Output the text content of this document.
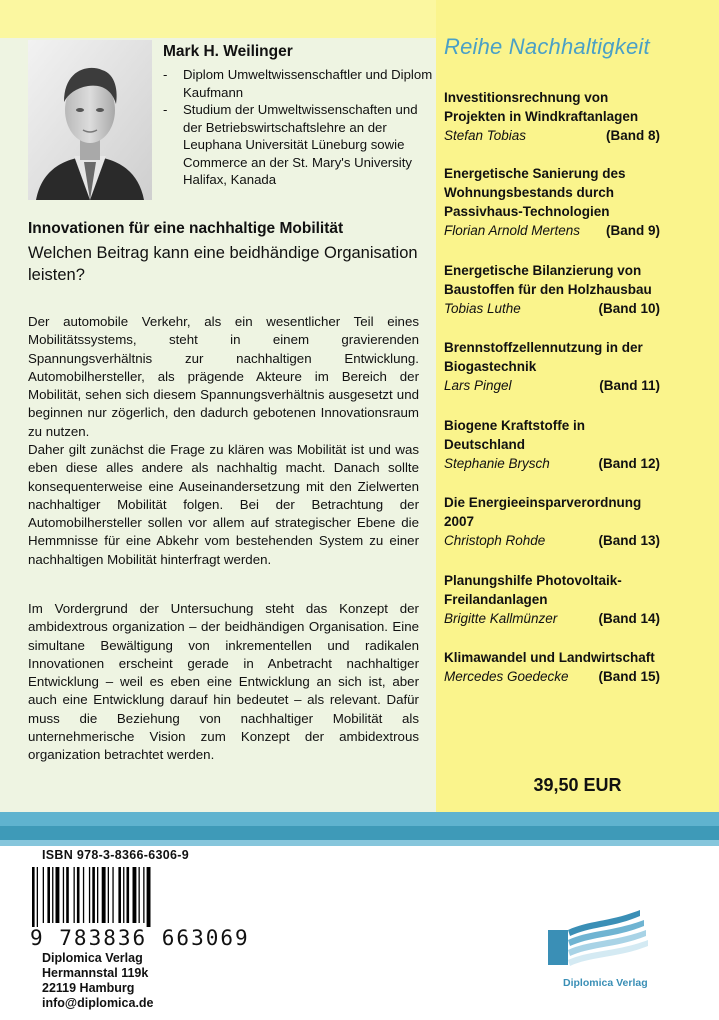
Reihe Nachhaltigkeit
Investitionsrechnung von Projekten in Windkraftanlagen
Stefan Tobias	(Band 8)
Energetische Sanierung des Wohnungsbestands durch Passivhaus-Technologien
Florian Arnold Mertens (Band 9)
Energetische Bilanzierung von Baustoffen für den Holzhausbau
Tobias Luthe	(Band 10)
Brennstoffzellennutzung in der Biogastechnik
Lars Pingel	(Band 11)
Biogene Kraftstoffe in Deutschland
Stephanie Brysch	(Band 12)
Die Energieeinsparverordnung 2007
Christoph Rohde	(Band 13)
Planungshilfe Photovoltaik-Freilandanlagen
Brigitte Kallmünzer	(Band 14)
Klimawandel und Landwirtschaft
Mercedes Goedecke (Band 15)
39,50 EUR
Mark H. Weilinger
- Diplom Umweltwissenschaftler und Diplom Kaufmann
- Studium der Umweltwissenschaften und der Betriebswirtschaftslehre an der Leuphana Universität Lüneburg sowie Commerce an der St. Mary's University Halifax, Kanada
Innovationen für eine nachhaltige Mobilität
Welchen Beitrag kann eine beidhändige Organisation leisten?

Der automobile Verkehr, als ein wesentlicher Teil eines Mobilitätssystems, steht in einem gravierenden Spannungsverhältnis zur nachhaltigen Entwicklung. Automobilhersteller, als prägende Akteure im Bereich der Mobilität, sehen sich diesem Spannungsverhältnis ausgesetzt und beginnen nur zögerlich, den dadurch gebotenen Innovationsraum zu nutzen.

Daher gilt zunächst die Frage zu klären was Mobilität ist und was eben diese alles andere als nachhaltig macht. Danach sollte konsequenterweise eine Auseinandersetzung mit den Zielwerten nachhaltiger Mobilität folgen. Bei der Betrachtung der Automobilhersteller sollen vor allem auf strategischer Ebene die Hemmnisse für eine Abkehr vom bestehenden System zu einer nachhaltigen Mobilität hinterfragt werden.

Im Vordergrund der Untersuchung steht das Konzept der ambidextrous organization – der beidhändigen Organisation. Eine simultane Bewältigung von inkrementellen und radikalen Innovationen erscheint gerade in Anbetracht nachhaltiger Entwicklung – weil es eben eine Entwicklung an sich ist, aber auch eine Entwicklung darauf hin bedeutet – als relevant. Dafür muss die Beziehung von nachhaltiger Mobilität als unternehmerische Vision zum Konzept der ambidextrous organization betrachtet werden.

ISBN 978-3-8366-6306-9
9 783836 663069
Diplomica Verlag
Hermannstal 119k
22119 Hamburg
info@diplomica.de
Diplomica Verlag
